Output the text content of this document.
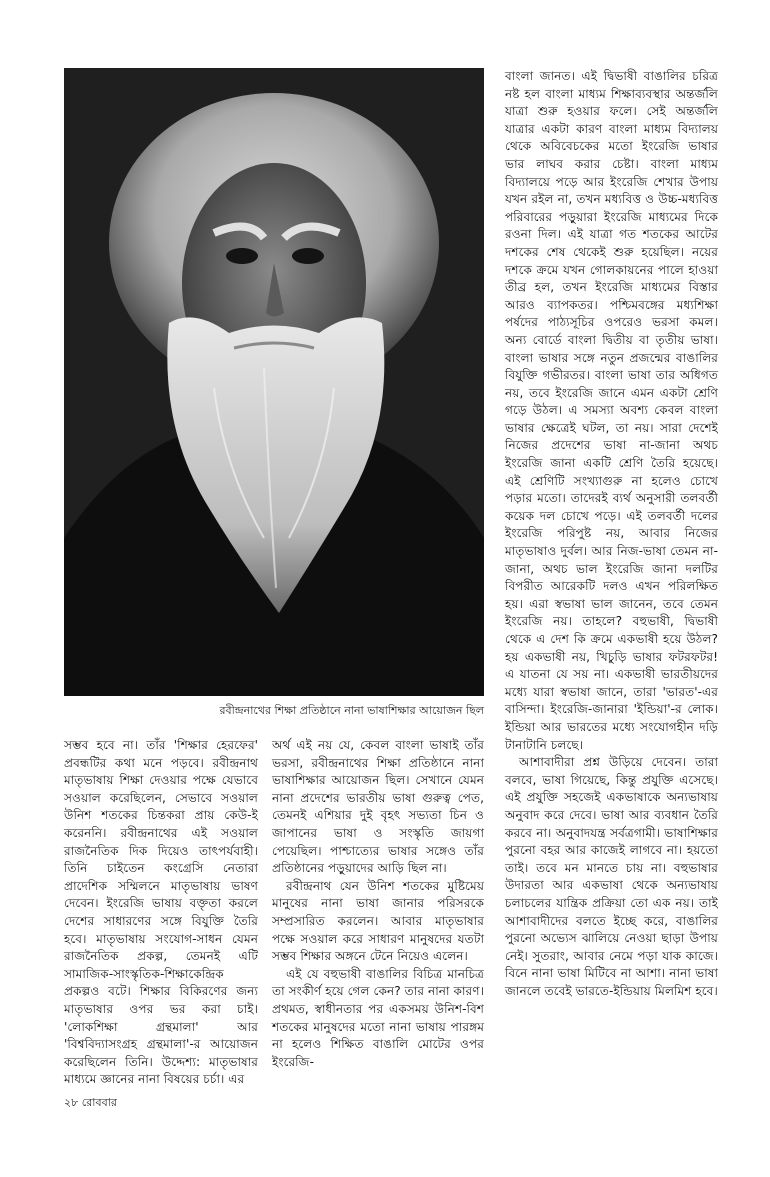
রবীন্দ্রনাথের শিক্ষা প্রতিষ্ঠানে নানা ভাষাশিক্ষার আয়োজন ছিল

বাংলা জানত। এই দ্বিভাষী বাঙালির চরিত্র নষ্ট হল বাংলা মাধ্যম শিক্ষাব্যবস্থার অন্তর্জলি যাত্রা শুরু হওয়ার ফলে। সেই অন্তর্জলি যাত্রার একটা কারণ বাংলা মাধ্যম বিদ্যালয় থেকে অবিবেচকের মতো ইংরেজি ভাষার ভার লাঘব করার চেষ্টা। বাংলা মাধ্যম বিদ্যালয়ে পড়ে আর ইংরেজি শেখার উপায় যখন রইল না, তখন মধ্যবিত্ত ও উচ্চ-মধ্যবিত্ত পরিবারের পড়ুয়ারা ইংরেজি মাধ্যমের দিকে রওনা দিল। এই যাত্রা গত শতকের আটের দশকের শেষ থেকেই শুরু হয়েছিল। নয়ের দশকে ক্রমে যখন গোলকায়নের পালে হাওয়া তীব্র হল, তখন ইংরেজি মাধ্যমের বিস্তার আরও ব্যাপকতর। পশ্চিমবঙ্গের মধ্যশিক্ষা পর্ষদের পাঠ্যসূচির ওপরেও ভরসা কমল। অন্য বোর্ডে বাংলা দ্বিতীয় বা তৃতীয় ভাষা। বাংলা ভাষার সঙ্গে নতুন প্রজন্মের বাঙালির বিযুক্তি গভীরতর। বাংলা ভাষা তার অধিগত নয়, তবে ইংরেজি জানে এমন একটা শ্রেণি গড়ে উঠল। এ সমস্যা অবশ্য কেবল বাংলা ভাষার ক্ষেত্রেই ঘটল, তা নয়। সারা দেশেই নিজের প্রদেশের ভাষা না-জানা অথচ ইংরেজি জানা একটি শ্রেণি তৈরি হয়েছে। এই শ্রেণিটি সংখ্যাগুরু না হলেও চোখে পড়ার মতো। তাদেরই ব্যর্থ অনুসারী তলবর্তী কয়েক দল চোখে পড়ে। এই তলবর্তী দলের ইংরেজি পরিপুষ্ট নয়, আবার নিজের মাতৃভাষাও দুর্বল। আর নিজ-ভাষা তেমন না-জানা, অথচ ভাল ইংরেজি জানা দলটির বিপরীত আরেকটি দলও এখন পরিলক্ষিত হয়। এরা স্বভাষা ভাল জানেন, তবে তেমন ইংরেজি নয়। তাহলে? বহুভাষী, দ্বিভাষী থেকে এ দেশ কি ক্রমে একভাষী হয়ে উঠল? হয় একভাষী নয়, খিচুড়ি ভাষার ফটরফটর! এ যাতনা যে সয় না। একভাষী ভারতীয়দের মধ্যে যারা স্বভাষা জানে, তারা 'ভারত'-এর বাসিন্দা। ইংরেজি-জানারা 'ইন্ডিয়া'-র লোক। ইন্ডিয়া আর ভারতের মধ্যে সংযোগহীন দড়ি টানাটানি চলছে।

আশাবাদীরা প্রশ্ন উড়িয়ে দেবেন। তারা বলবে, ভাষা গিয়েছে, কিন্তু প্রযুক্তি এসেছে। এই প্রযুক্তি সহজেই একভাষাকে অন্যভাষায় অনুবাদ করে দেবে। ভাষা আর ব্যবধান তৈরি করবে না। অনুবাদযন্ত্র সর্বত্রগামী। ভাষাশিক্ষার পুরনো বহর আর কাজেই লাগবে না। হয়তো তাই। তবে মন মানতে চায় না। বহুভাষার উদারতা আর একভাষা থেকে অন্যভাষায় চলাচলের যান্ত্রিক প্রক্রিয়া তো এক নয়। তাই আশাবাদীদের বলতে ইচ্ছে করে, বাঙালির পুরনো অভ্যেস ঝালিয়ে নেওয়া ছাড়া উপায় নেই। সুতরাং, আবার নেমে পড়া যাক কাজে। বিনে নানা ভাষা মিটিবে না আশা। নানা ভাষা জানলে তবেই ভারতে-ইন্ডিয়ায় মিলমিশ হবে।

সম্ভব হবে না। তাঁর 'শিক্ষার হেরফের' প্রবন্ধটির কথা মনে পড়বে। রবীন্দ্রনাথ মাতৃভাষায় শিক্ষা দেওয়ার পক্ষে যেভাবে সওয়াল করেছিলেন, সেভাবে সওয়াল উনিশ শতকের চিন্তকরা প্রায় কেউ-ই করেননি। রবীন্দ্রনাথের এই সওয়াল রাজনৈতিক দিক দিয়েও তাৎপর্যবাহী। তিনি চাইতেন কংগ্রেসি নেতারা প্রাদেশিক সম্মিলনে মাতৃভাষায় ভাষণ দেবেন। ইংরেজি ভাষায় বক্তৃতা করলে দেশের সাধারণের সঙ্গে বিযুক্তি তৈরি হবে। মাতৃভাষায় সংযোগ-সাধন যেমন রাজনৈতিক প্রকল্প, তেমনই এটি সামাজিক-সাংস্কৃতিক-শিক্ষাকেন্দ্রিক প্রকল্পও বটে। শিক্ষার বিকিরণের জন্য মাতৃভাষার ওপর ভর করা চাই। 'লোকশিক্ষা গ্রন্থমালা' আর 'বিশ্ববিদ্যাসংগ্রহ গ্রন্থমালা'-র আয়োজন করেছিলেন তিনি। উদ্দেশ্য: মাতৃভাষার মাধ্যমে জ্ঞানের নানা বিষয়ের চর্চা। এর

অর্থ এই নয় যে, কেবল বাংলা ভাষাই তাঁর ভরসা, রবীন্দ্রনাথের শিক্ষা প্রতিষ্ঠানে নানা ভাষাশিক্ষার আয়োজন ছিল। সেখানে যেমন নানা প্রদেশের ভারতীয় ভাষা গুরুত্ব পেত, তেমনই এশিয়ার দুই বৃহৎ সভ্যতা চিন ও জাপানের ভাষা ও সংস্কৃতি জায়গা পেয়েছিল। পাশ্চাত্যের ভাষার সঙ্গেও তাঁর প্রতিষ্ঠানের পড়ুয়াদের আড়ি ছিল না।

রবীন্দ্রনাথ যেন উনিশ শতকের মুষ্টিমেয় মানুষের নানা ভাষা জানার পরিসরকে সম্প্রসারিত করলেন। আবার মাতৃভাষার পক্ষে সওয়াল করে সাধারণ মানুষদের যতটা সম্ভব শিক্ষার অঙ্গনে টেনে নিয়েও এলেন।

এই যে বহুভাষী বাঙালির বিচিত্র মানচিত্র তা সংকীর্ণ হয়ে গেল কেন? তার নানা কারণ। প্রথমত, স্বাধীনতার পর একসময় উনিশ-বিশ শতকের মানুষদের মতো নানা ভাষায় পারঙ্গম না হলেও শিক্ষিত বাঙালি মোটের ওপর ইংরেজি-

২৮ রোববার
